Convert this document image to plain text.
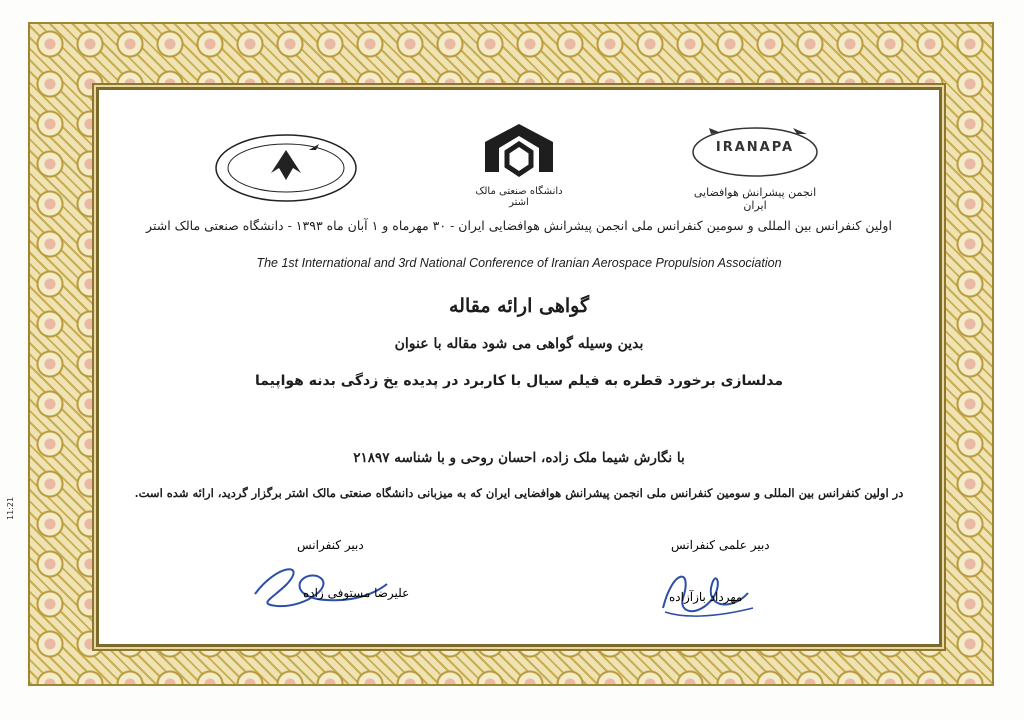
دانشگاه صنعتی مالک اشتر
IRANAPA
انجمن پیشرانش هوافضایی ایران
اولین کنفرانس بین المللی و سومین کنفرانس ملی انجمن پیشرانش هوافضایی ایران - ۳۰ مهرماه و ۱ آبان ماه ۱۳۹۳ - دانشگاه صنعتی مالک اشتر
The 1st International and 3rd National Conference of Iranian Aerospace Propulsion Association
گواهی ارائه مقاله
بدین وسیله گواهی می شود مقاله با عنوان
مدلسازی برخورد قطره به فیلم سیال با کاربرد در پدیده یخ زدگی بدنه هواپیما
با نگارش شیما ملک زاده، احسان روحی و با شناسه ۲۱۸۹۷
در اولین کنفرانس بین المللی و سومین کنفرانس ملی انجمن پیشرانش هوافضایی ایران که به میزبانی دانشگاه صنعتی مالک اشتر برگزار گردید، ارائه شده است.
دبیر کنفرانس
علیرضا مستوفی زاده
دبیر علمی کنفرانس
مهرداد بازآزاده
11:21
